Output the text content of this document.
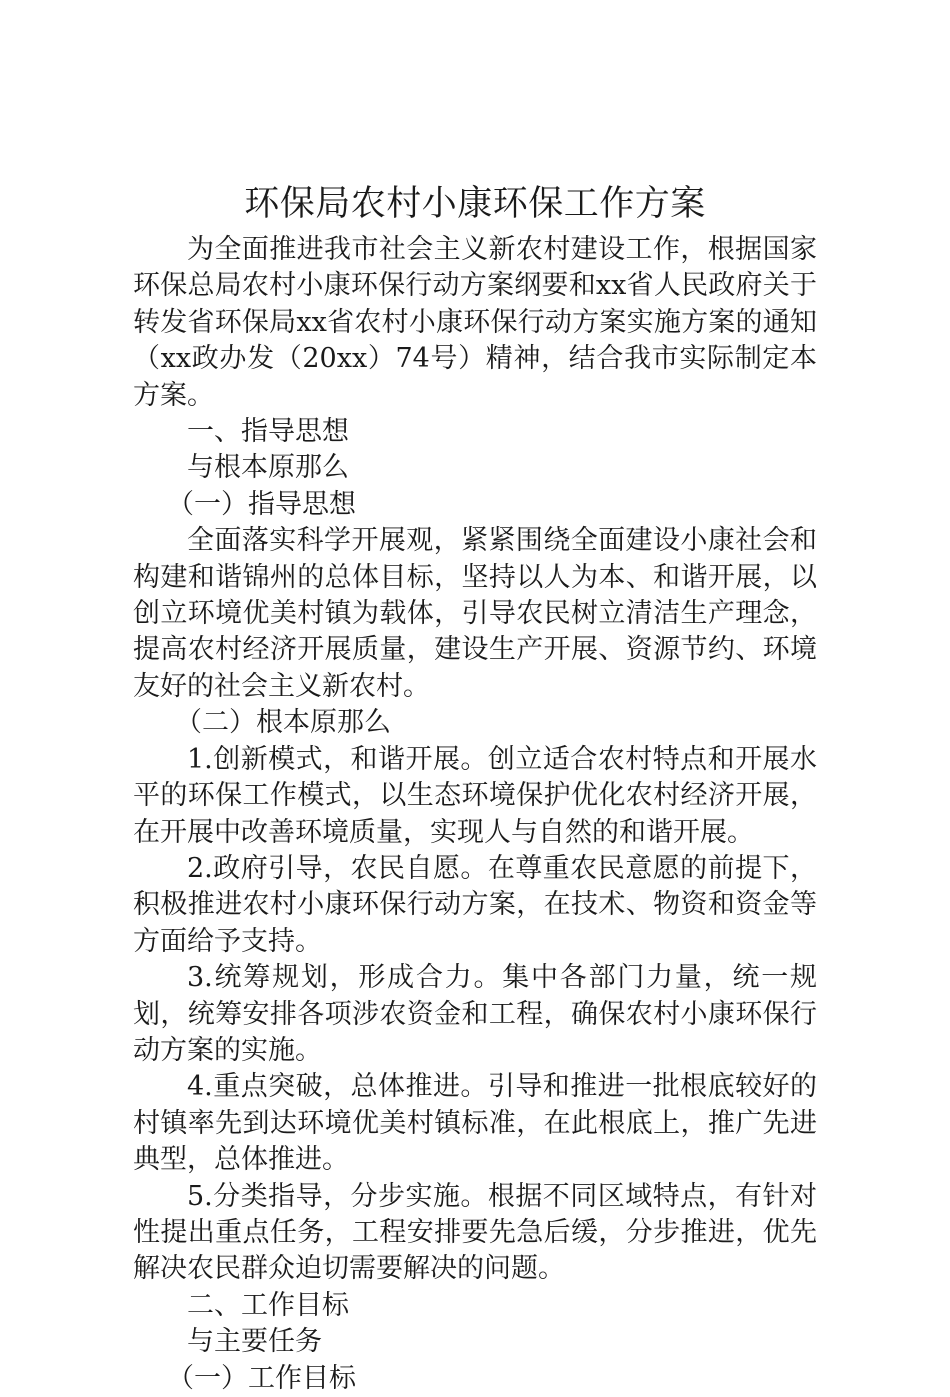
环保局农村小康环保工作方案

为全面推进我市社会主义新农村建设工作，根据国家环保总局农村小康环保行动方案纲要和xx省人民政府关于转发省环保局xx省农村小康环保行动方案实施方案的通知（xx政办发（20xx）74号）精神，结合我市实际制定本方案。

一、指导思想

与根本原那么

（一）指导思想

全面落实科学开展观，紧紧围绕全面建设小康社会和构建和谐锦州的总体目标，坚持以人为本、和谐开展，以创立环境优美村镇为载体，引导农民树立清洁生产理念，提高农村经济开展质量，建设生产开展、资源节约、环境友好的社会主义新农村。

（二）根本原那么

1.创新模式，和谐开展。创立适合农村特点和开展水平的环保工作模式，以生态环境保护优化农村经济开展，在开展中改善环境质量，实现人与自然的和谐开展。

2.政府引导，农民自愿。在尊重农民意愿的前提下，积极推进农村小康环保行动方案，在技术、物资和资金等方面给予支持。

3.统筹规划，形成合力。集中各部门力量，统一规划，统筹安排各项涉农资金和工程，确保农村小康环保行动方案的实施。

4.重点突破，总体推进。引导和推进一批根底较好的村镇率先到达环境优美村镇标准，在此根底上，推广先进典型，总体推进。

5.分类指导，分步实施。根据不同区域特点，有针对性提出重点任务，工程安排要先急后缓，分步推进，优先解决农民群众迫切需要解决的问题。

二、工作目标

与主要任务

（一）工作目标
